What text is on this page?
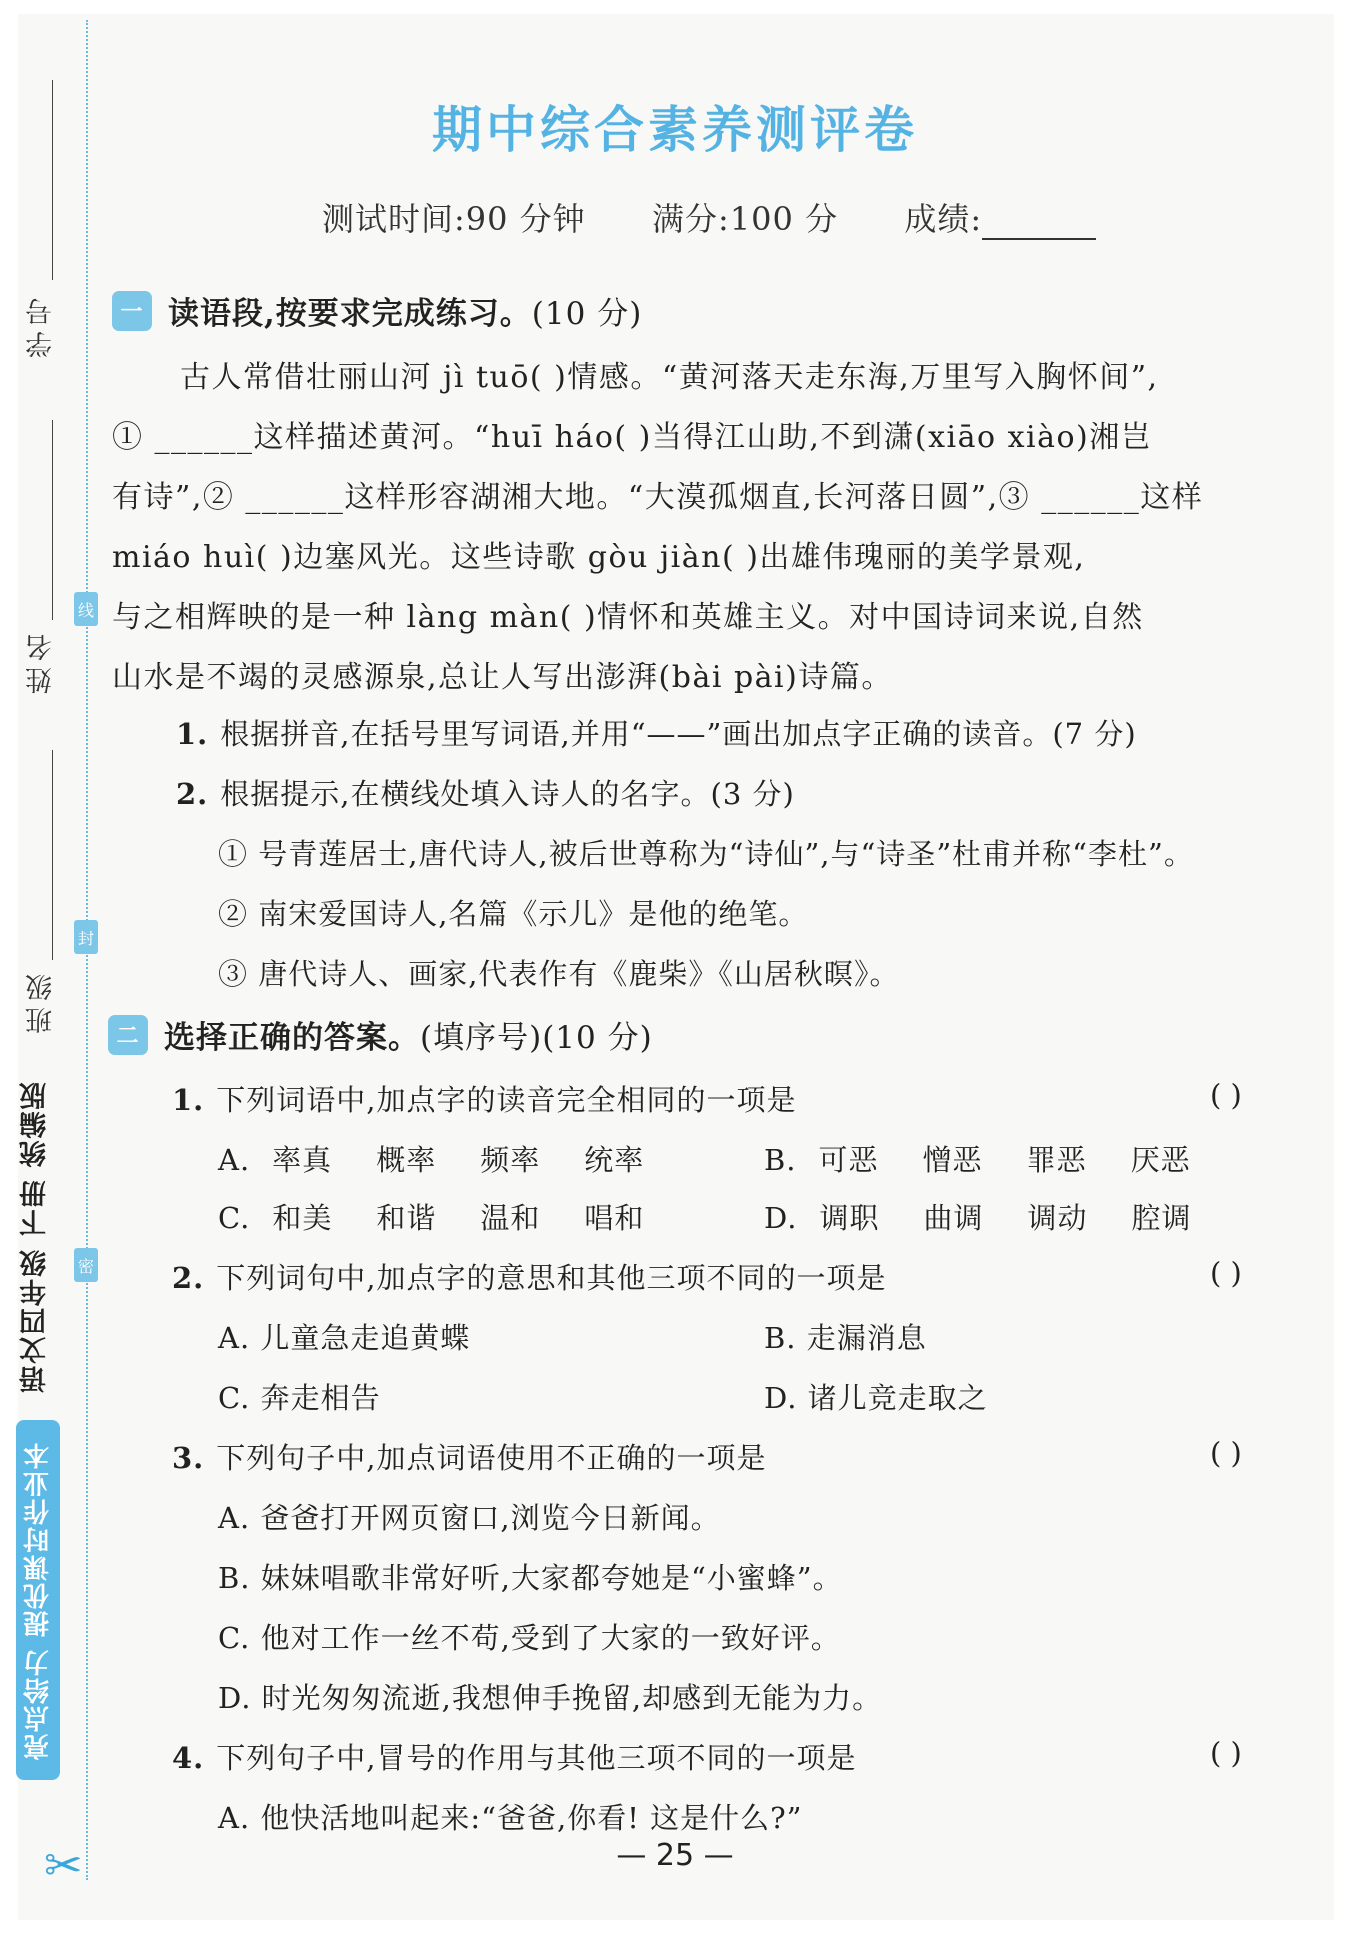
学号
线
姓名
封
班级
语文四年级 下册 统编版	密
亮点给力 提优课时作业本
✂
期中综合素养测评卷
测试时间:90 分钟 满分:100 分 成绩:
一 读语段,按要求完成练习。 (10 分)
古人常借壮丽山河 jì tuō( )情感。“黄河落天走东海,万里写入胸怀间”,
① ______这样描述黄河。“huī háo( )当得江山助,不到潇(xiāo xiào)湘岂
有诗”,② ______这样形容湖湘大地。“大漠孤烟直,长河落日圆”,③ ______这样
miáo huì( )边塞风光。这些诗歌 gòu jiàn( )出雄伟瑰丽的美学景观,
与之相辉映的是一种 làng màn( )情怀和英雄主义。对中国诗词来说,自然
山水是不竭的灵感源泉,总让人写出澎湃(bài pài)诗篇。
1. 根据拼音,在括号里写词语,并用“——”画出加点字正确的读音。(7 分)
2. 根据提示,在横线处填入诗人的名字。(3 分)
① 号青莲居士,唐代诗人,被后世尊称为“诗仙”,与“诗圣”杜甫并称“李杜”。
② 南宋爱国诗人,名篇《示儿》是他的绝笔。
③ 唐代诗人、画家,代表作有《鹿柴》《山居秋暝》。
二 选择正确的答案。 (填序号)(10 分)
1. 下列词语中,加点字的读音完全相同的一项是	( )
A. 率真 概率 频率 统率	B. 可恶 憎恶 罪恶 厌恶
C. 和美 和谐 温和 唱和	D. 调职 曲调 调动 腔调
2. 下列词句中,加点字的意思和其他三项不同的一项是	( )
A. 儿童急走追黄蝶	B. 走漏消息
C. 奔走相告	D. 诸儿竞走取之
3. 下列句子中,加点词语使用不正确的一项是	( )
A. 爸爸打开网页窗口,浏览今日新闻。
B. 妹妹唱歌非常好听,大家都夸她是“小蜜蜂”。
C. 他对工作一丝不苟,受到了大家的一致好评。
D. 时光匆匆流逝,我想伸手挽留,却感到无能为力。
4. 下列句子中,冒号的作用与其他三项不同的一项是	( )
A. 他快活地叫起来:“爸爸,你看! 这是什么?”
— 25 —
